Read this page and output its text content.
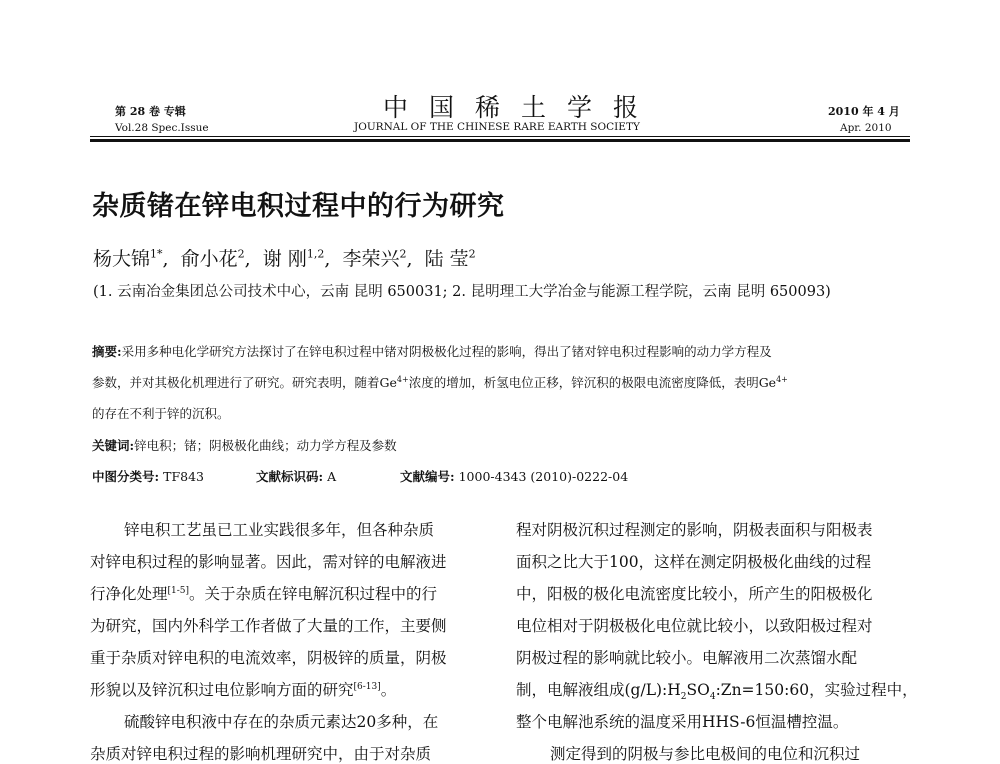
第 28 卷 专辑
Vol.28 Spec.Issue
中国稀土学报
JOURNAL OF THE CHINESE RARE EARTH SOCIETY
2010 年 4 月
Apr. 2010
杂质锗在锌电积过程中的行为研究
杨大锦$^{1*}$,  俞小花$^2$,  谢 刚$^{1,2}$,  李荣兴$^2$,  陆 莹$^2$
(1. 云南冶金集团总公司技术中心，云南 昆明 650031; 2. 昆明理工大学冶金与能源工程学院，云南 昆明 650093)
摘要:采用多种电化学研究方法探讨了在锌电积过程中锗对阴极极化过程的影响，得出了锗对锌电积过程影响的动力学方程及
参数，并对其极化机理进行了研究。研究表明，随着$Ge^{4+}$浓度的增加，析氢电位正移，锌沉积的极限电流密度降低，表明$Ge^{4+}$
的存在不利于锌的沉积。
关键词:锌电积；锗；阴极极化曲线；动力学方程及参数
中图分类号: TF843	文献标识码: A	文献编号: 1000-4343 (2010)-0222-04
锌电积工艺虽已工业实践很多年，但各种杂质
对锌电积过程的影响显著。因此，需对锌的电解液进
行净化处理[1-5]。关于杂质在锌电解沉积过程中的行
为研究，国内外科学工作者做了大量的工作，主要侧
重于杂质对锌电积的电流效率，阴极锌的质量，阴极
形貌以及锌沉积过电位影响方面的研究[6-13]。
硫酸锌电积液中存在的杂质元素达20多种，在
杂质对锌电积过程的影响机理研究中，由于对杂质
程对阴极沉积过程测定的影响，阴极表面积与阳极表
面积之比大于100，这样在测定阴极极化曲线的过程
中，阳极的极化电流密度比较小，所产生的阳极极化
电位相对于阴极极化电位就比较小，以致阳极过程对
阴极过程的影响就比较小。电解液用二次蒸馏水配
制，电解液组成$(g/L):H_2SO_4:Zn=150:60$，实验过程中，
整个电解池系统的温度采用HHS-6恒温槽控温。
测定得到的阴极与参比电极间的电位和沉积过
